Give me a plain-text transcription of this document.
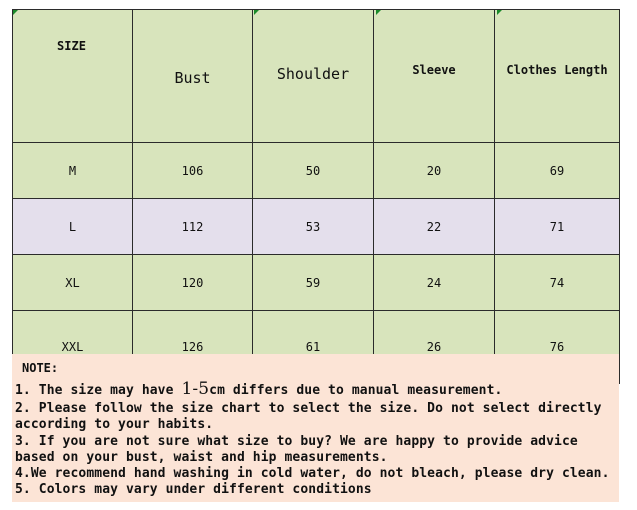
SIZE	Bust	Shoulder	Sleeve	Clothes Length
M	106	50	20	69
L	112	53	22	71
XL	120	59	24	74
XXL	126	61	26	76
NOTE:
1. The size may have 1-5cm differs due to manual measurement.
2. Please follow the size chart to select the size. Do not select directly
according to your habits.
3. If you are not sure what size to buy? We are happy to provide advice
based on your bust, waist and hip measurements.
4.We recommend hand washing in cold water, do not bleach, please dry clean.
5. Colors may vary under different conditions
